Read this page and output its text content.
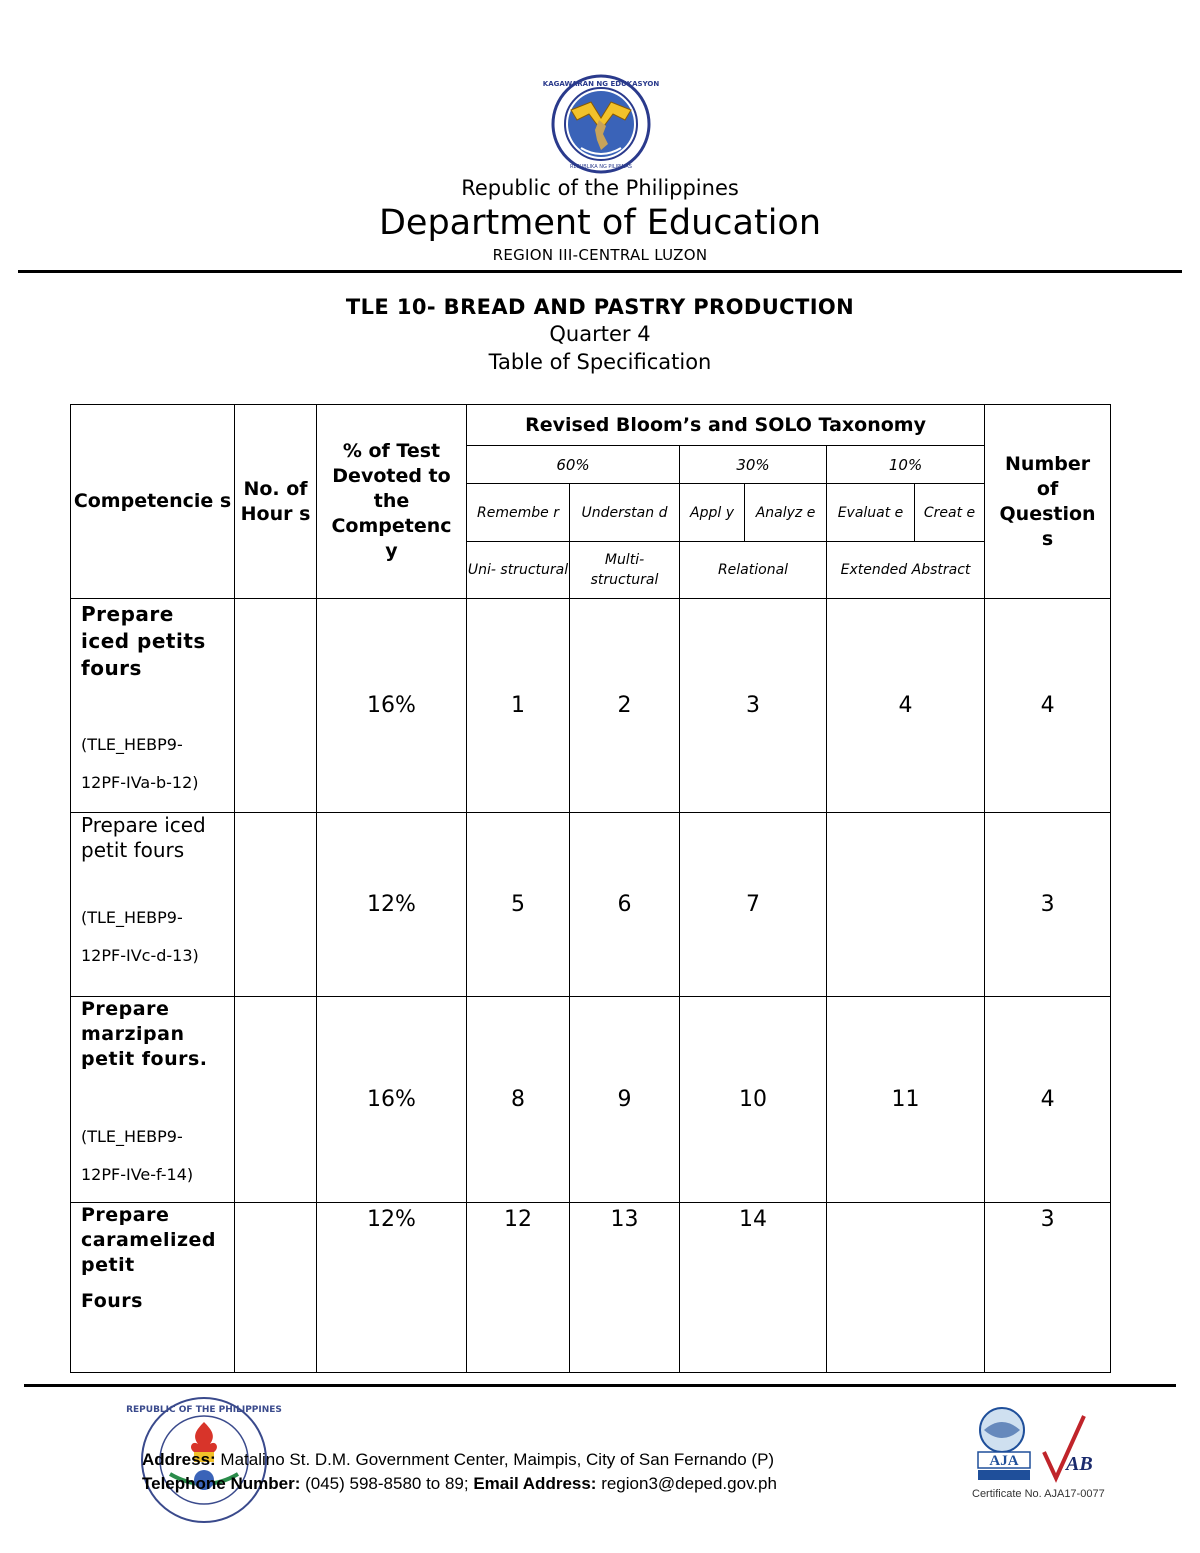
KAGAWARAN NG EDUKASYON
REPUBLIKA NG PILIPINAS
Republic of the Philippines
Department of Education
REGION III-CENTRAL LUZON
TLE 10- BREAD AND PASTRY PRODUCTION
Quarter 4
Table of Specification
Competencie s	No. of Hour s	% of Test Devoted to the Competenc y	Revised Bloom’s and SOLO Taxonomy						Number of Question s
			60%		30%		10%		
			Remembe r	Understan d	Appl y	Analyz e	Evaluat e	Creat e	
			Uni- structural	Multi- structural	Relational		Extended Abstract		

Prepare iced petits fours
(TLE_HEBP9-
12PF-IVa-b-12)		16%	1	2	3		4		4

Prepare iced petit fours
(TLE_HEBP9-
12PF-IVc-d-13)		12%	5	6	7				3

Prepare marzipan petit fours.
(TLE_HEBP9-
12PF-IVe-f-14)		16%	8	9	10		11		4

Prepare caramelized petit
Fours		12%	12	13	14				3
REPUBLIC OF THE PHILIPPINES
Address: Matalino St. D.M. Government Center, Maimpis, City of San Fernando (P)
Telephone Number: (045) 598-8580 to 89; Email Address: region3@deped.gov.ph
AJA AB
Certificate No. AJA17-0077
